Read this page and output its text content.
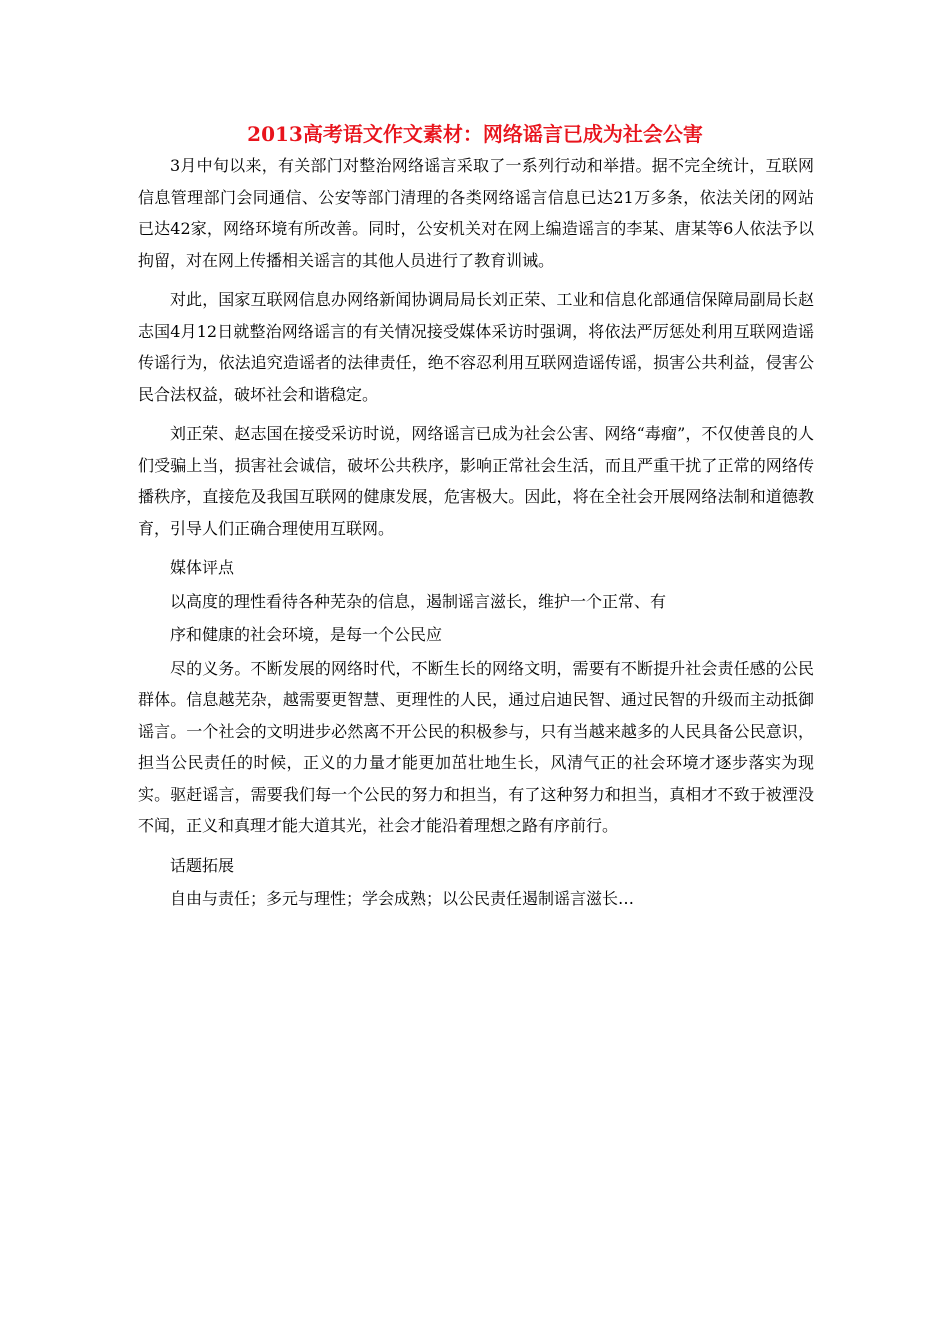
2013高考语文作文素材：网络谣言已成为社会公害

3月中旬以来，有关部门对整治网络谣言采取了一系列行动和举措。据不完全统计，互联网信息管理部门会同通信、公安等部门清理的各类网络谣言信息已达21万多条，依法关闭的网站已达42家，网络环境有所改善。同时，公安机关对在网上编造谣言的李某、唐某等6人依法予以拘留，对在网上传播相关谣言的其他人员进行了教育训诫。

对此，国家互联网信息办网络新闻协调局局长刘正荣、工业和信息化部通信保障局副局长赵志国4月12日就整治网络谣言的有关情况接受媒体采访时强调，将依法严厉惩处利用互联网造谣传谣行为，依法追究造谣者的法律责任，绝不容忍利用互联网造谣传谣，损害公共利益，侵害公民合法权益，破坏社会和谐稳定。

刘正荣、赵志国在接受采访时说，网络谣言已成为社会公害、网络“毒瘤”，不仅使善良的人们受骗上当，损害社会诚信，破坏公共秩序，影响正常社会生活，而且严重干扰了正常的网络传播秩序，直接危及我国互联网的健康发展，危害极大。因此，将在全社会开展网络法制和道德教育，引导人们正确合理使用互联网。

媒体评点

以高度的理性看待各种芜杂的信息，遏制谣言滋长，维护一个正常、有

序和健康的社会环境，是每一个公民应

尽的义务。不断发展的网络时代，不断生长的网络文明，需要有不断提升社会责任感的公民群体。信息越芜杂，越需要更智慧、更理性的人民，通过启迪民智、通过民智的升级而主动抵御谣言。一个社会的文明进步必然离不开公民的积极参与，只有当越来越多的人民具备公民意识，担当公民责任的时候，正义的力量才能更加茁壮地生长，风清气正的社会环境才逐步落实为现实。驱赶谣言，需要我们每一个公民的努力和担当，有了这种努力和担当，真相才不致于被湮没不闻，正义和真理才能大道其光，社会才能沿着理想之路有序前行。

话题拓展

自由与责任；多元与理性；学会成熟；以公民责任遏制谣言滋长…
